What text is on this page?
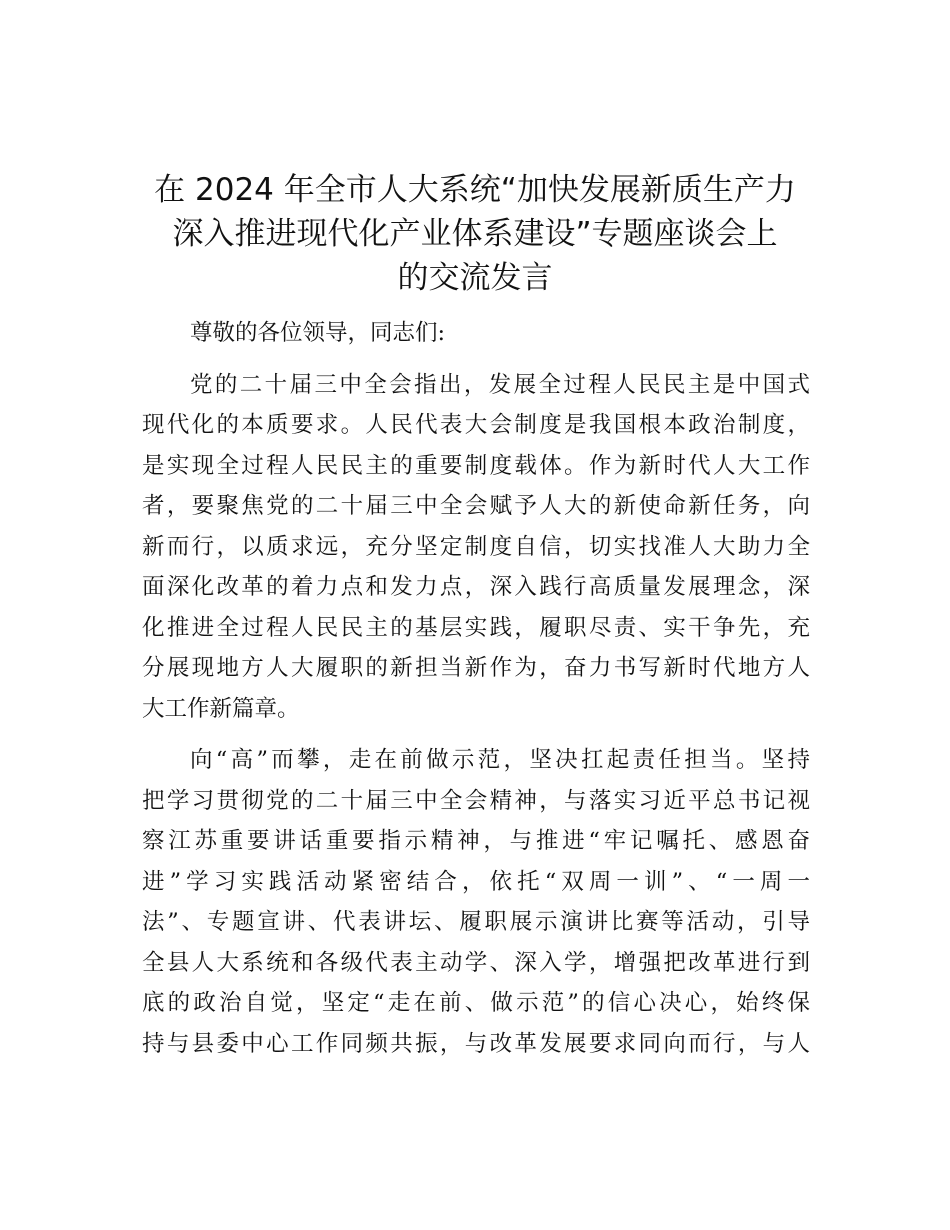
在 2024 年全市人大系统“加快发展新质生产力
深入推进现代化产业体系建设”专题座谈会上
的交流发言
尊敬的各位领导，同志们:
党的二十届三中全会指出，发展全过程人民民主是中国式
现代化的本质要求。人民代表大会制度是我国根本政治制度，
是实现全过程人民民主的重要制度载体。作为新时代人大工作
者，要聚焦党的二十届三中全会赋予人大的新使命新任务，向
新而行，以质求远，充分坚定制度自信，切实找准人大助力全
面深化改革的着力点和发力点，深入践行高质量发展理念，深
化推进全过程人民民主的基层实践，履职尽责、实干争先，充
分展现地方人大履职的新担当新作为，奋力书写新时代地方人
大工作新篇章。
向“高”而攀，走在前做示范，坚决扛起责任担当。坚持
把学习贯彻党的二十届三中全会精神，与落实习近平总书记视
察江苏重要讲话重要指示精神，与推进“牢记嘱托、感恩奋
进”学习实践活动紧密结合，依托“双周一训”、“一周一
法”、专题宣讲、代表讲坛、履职展示演讲比赛等活动，引导
全县人大系统和各级代表主动学、深入学，增强把改革进行到
底的政治自觉，坚定“走在前、做示范”的信心决心，始终保
持与县委中心工作同频共振，与改革发展要求同向而行，与人
